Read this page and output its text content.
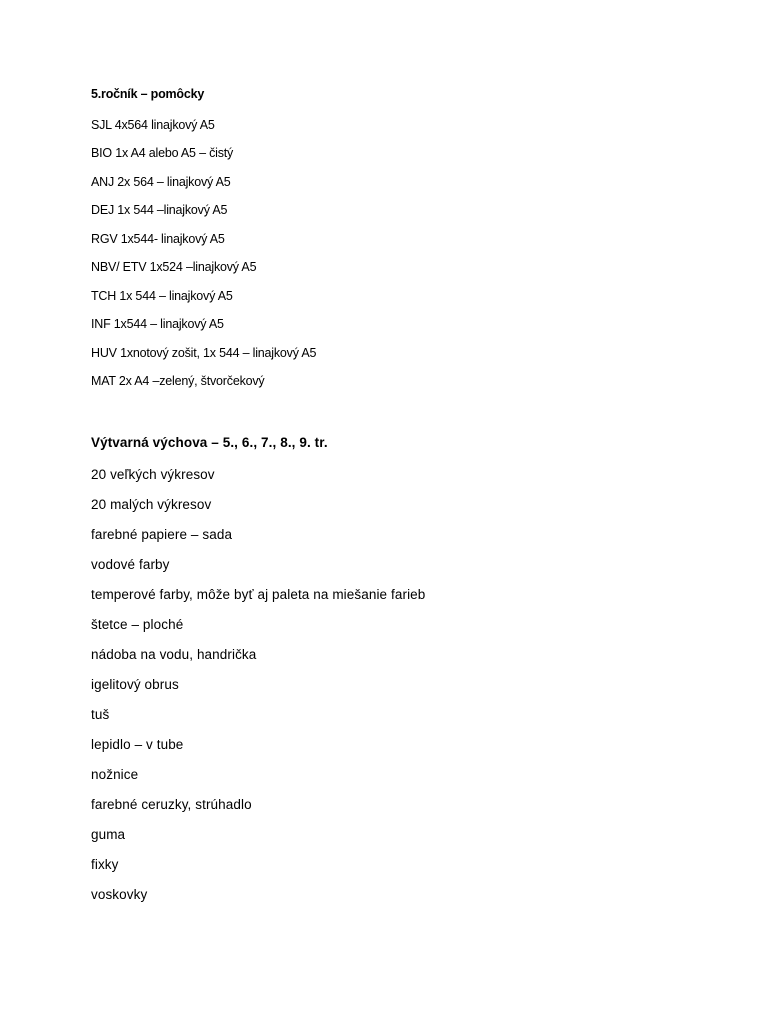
5.ročník – pomôcky
SJL 4x564 linajkový A5
BIO 1x A4 alebo A5 – čistý
ANJ 2x 564 – linajkový A5
DEJ 1x 544 –linajkový A5
RGV 1x544- linajkový A5
NBV/ ETV 1x524 –linajkový A5
TCH 1x 544 – linajkový A5
INF 1x544 – linajkový A5
HUV 1xnotový zošit, 1x 544 – linajkový A5
MAT 2x A4 –zelený, štvorčekový
Výtvarná výchova – 5., 6., 7., 8., 9. tr.
20 veľkých výkresov
20 malých výkresov
farebné papiere – sada
vodové farby
temperové farby, môže byť aj paleta na miešanie farieb
štetce – ploché
nádoba na vodu, handrička
igelitový obrus
tuš
lepidlo – v tube
nožnice
farebné ceruzky, strúhadlo
guma
fixky
voskovky
